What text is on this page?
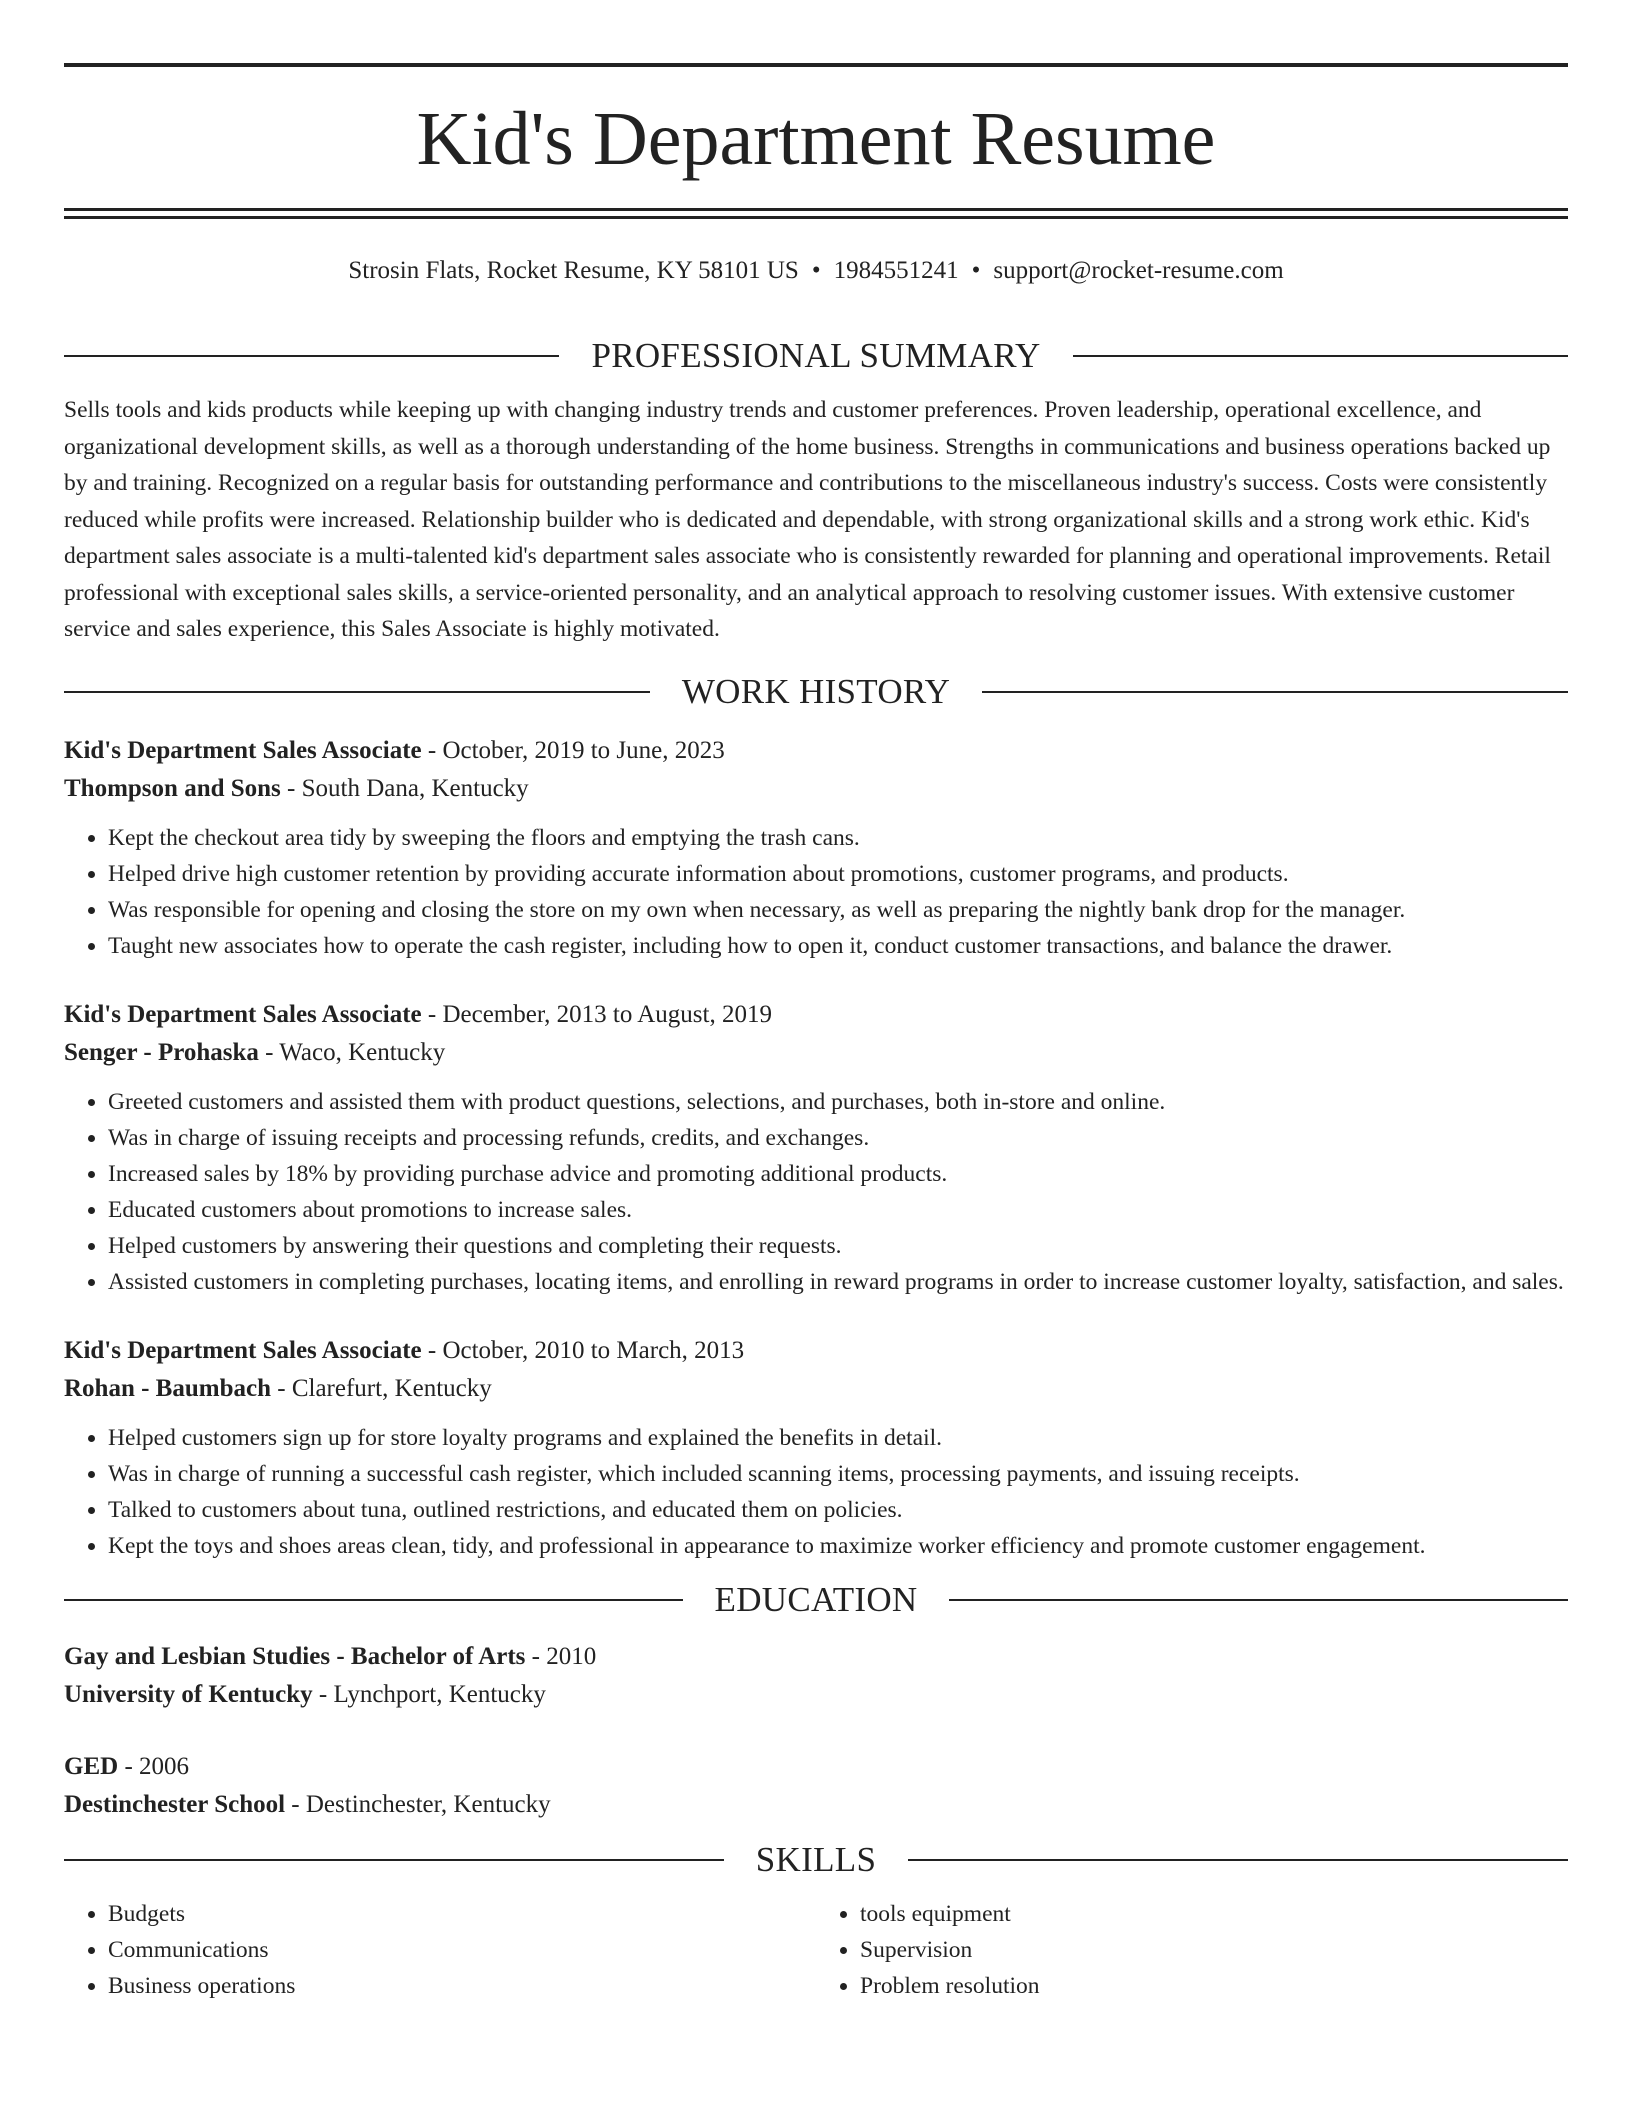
Kid's Department Resume
Strosin Flats, Rocket Resume, KY 58101 US • 1984551241 • support@rocket-resume.com
PROFESSIONAL SUMMARY

Sells tools and kids products while keeping up with changing industry trends and customer preferences. Proven leadership, operational excellence, and organizational development skills, as well as a thorough understanding of the home business. Strengths in communications and business operations backed up by and training. Recognized on a regular basis for outstanding performance and contributions to the miscellaneous industry's success. Costs were consistently reduced while profits were increased. Relationship builder who is dedicated and dependable, with strong organizational skills and a strong work ethic. Kid's department sales associate is a multi-talented kid's department sales associate who is consistently rewarded for planning and operational improvements. Retail professional with exceptional sales skills, a service-oriented personality, and an analytical approach to resolving customer issues. With extensive customer service and sales experience, this Sales Associate is highly motivated.

WORK HISTORY
Kid's Department Sales Associate - October, 2019 to June, 2023
Thompson and Sons - South Dana, Kentucky
• Kept the checkout area tidy by sweeping the floors and emptying the trash cans.
• Helped drive high customer retention by providing accurate information about promotions, customer programs, and products.
• Was responsible for opening and closing the store on my own when necessary, as well as preparing the nightly bank drop for the manager.
• Taught new associates how to operate the cash register, including how to open it, conduct customer transactions, and balance the drawer.
Kid's Department Sales Associate - December, 2013 to August, 2019
Senger - Prohaska - Waco, Kentucky
• Greeted customers and assisted them with product questions, selections, and purchases, both in-store and online.
• Was in charge of issuing receipts and processing refunds, credits, and exchanges.
• Increased sales by 18% by providing purchase advice and promoting additional products.
• Educated customers about promotions to increase sales.
• Helped customers by answering their questions and completing their requests.
• Assisted customers in completing purchases, locating items, and enrolling in reward programs in order to increase customer loyalty, satisfaction, and sales.
Kid's Department Sales Associate - October, 2010 to March, 2013
Rohan - Baumbach - Clarefurt, Kentucky
• Helped customers sign up for store loyalty programs and explained the benefits in detail.
• Was in charge of running a successful cash register, which included scanning items, processing payments, and issuing receipts.
• Talked to customers about tuna, outlined restrictions, and educated them on policies.
• Kept the toys and shoes areas clean, tidy, and professional in appearance to maximize worker efficiency and promote customer engagement.
EDUCATION
Gay and Lesbian Studies - Bachelor of Arts - 2010
University of Kentucky - Lynchport, Kentucky
GED - 2006
Destinchester School - Destinchester, Kentucky
SKILLS
• Budgets
• Communications
• Business operations
• tools equipment
• Supervision
• Problem resolution
